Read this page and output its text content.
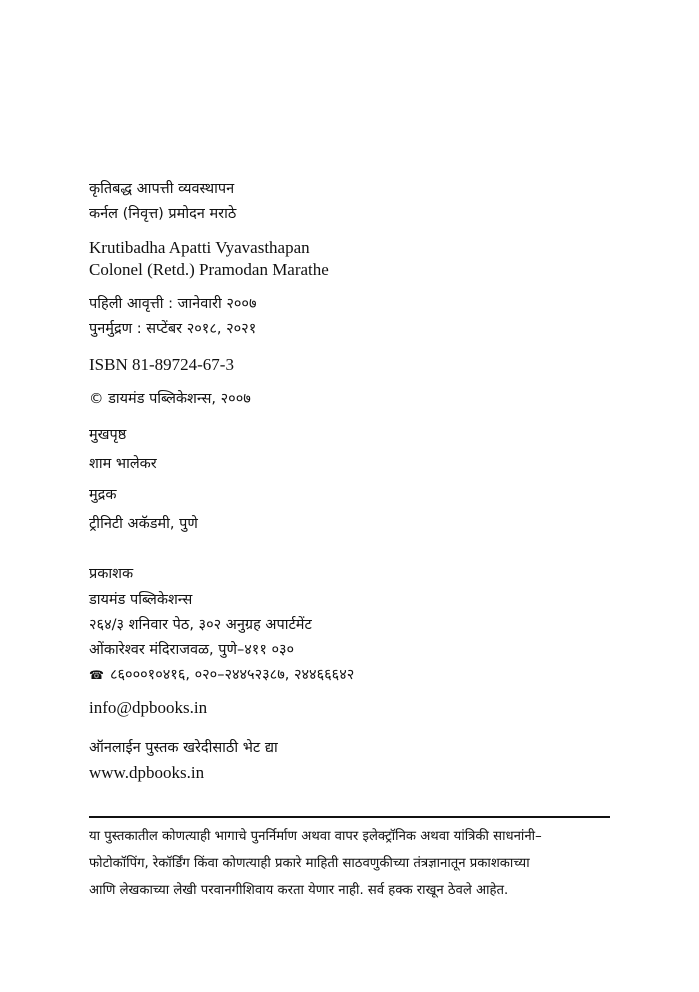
कृतिबद्ध आपत्ती व्यवस्थापन
कर्नल (निवृत्त) प्रमोदन मराठे
Krutibadha Apatti Vyavasthapan
Colonel (Retd.) Pramodan Marathe
पहिली आवृत्ती : जानेवारी २००७
पुनर्मुद्रण : सप्टेंबर २०१८, २०२१
ISBN 81-89724-67-3
© डायमंड पब्लिकेशन्स, २००७
मुखपृष्ठ
शाम भालेकर
मुद्रक
ट्रीनिटी अकॅडमी, पुणे
प्रकाशक
डायमंड पब्लिकेशन्स
२६४/३ शनिवार पेठ, ३०२ अनुग्रह अपार्टमेंट
ओंकारेश्वर मंदिराजवळ, पुणे–४११ ०३०
☎ ८६०००१०४१६, ०२०–२४४५२३८७, २४४६६६४२
info@dpbooks.in
ऑनलाईन पुस्तक खरेदीसाठी भेट द्या
www.dpbooks.in
या पुस्तकातील कोणत्याही भागाचे पुनर्निर्माण अथवा वापर इलेक्ट्रॉनिक अथवा यांत्रिकी साधनांनी–
फोटोकॉपिंग, रेकॉर्डिंग किंवा कोणत्याही प्रकारे माहिती साठवणुकीच्या तंत्रज्ञानातून प्रकाशकाच्या
आणि लेखकाच्या लेखी परवानगीशिवाय करता येणार नाही. सर्व हक्क राखून ठेवले आहेत.
